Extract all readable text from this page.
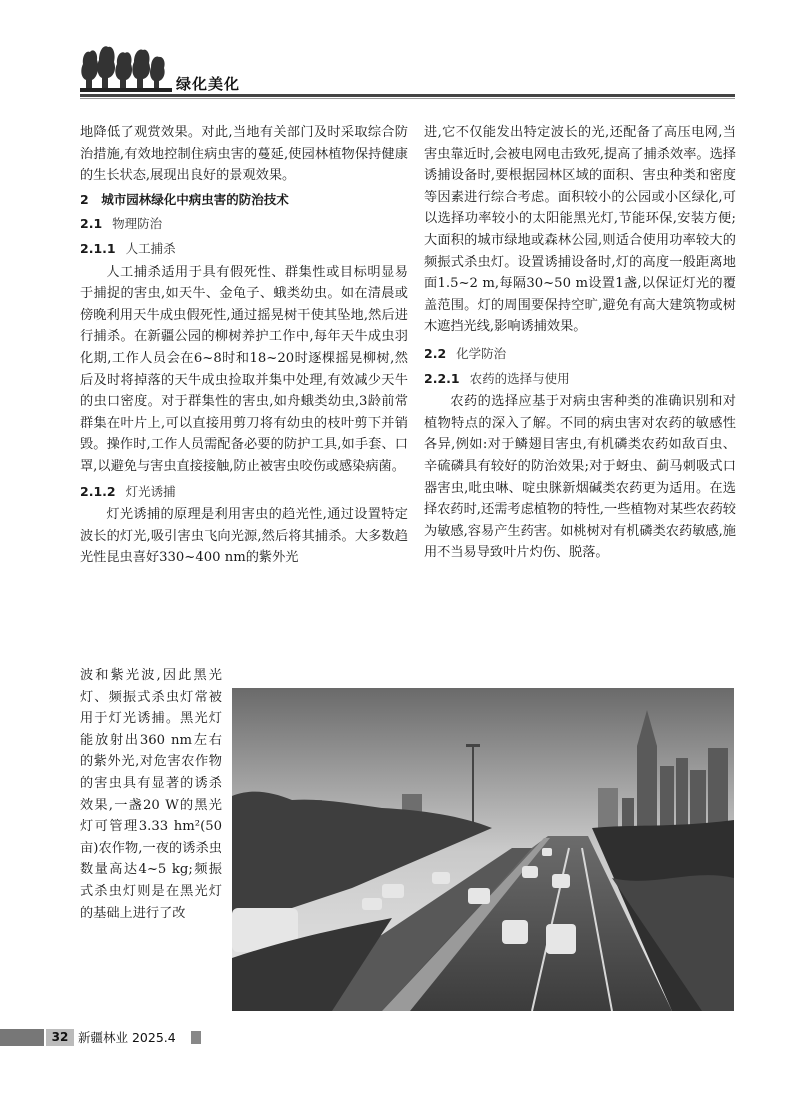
绿化美化

地降低了观赏效果。对此,当地有关部门及时采取综合防治措施,有效地控制住病虫害的蔓延,使园林植物保持健康的生长状态,展现出良好的景观效果。

2　城市园林绿化中病虫害的防治技术

2.1 物理防治

2.1.1 人工捕杀

人工捕杀适用于具有假死性、群集性或目标明显易于捕捉的害虫,如天牛、金龟子、蛾类幼虫。如在清晨或傍晚利用天牛成虫假死性,通过摇晃树干使其坠地,然后进行捕杀。在新疆公园的柳树养护工作中,每年天牛成虫羽化期,工作人员会在6~8时和18~20时逐棵摇晃柳树,然后及时将掉落的天牛成虫捡取并集中处理,有效减少天牛的虫口密度。对于群集性的害虫,如舟蛾类幼虫,3龄前常群集在叶片上,可以直接用剪刀将有幼虫的枝叶剪下并销毁。操作时,工作人员需配备必要的防护工具,如手套、口罩,以避免与害虫直接接触,防止被害虫咬伤或感染病菌。

2.1.2 灯光诱捕

灯光诱捕的原理是利用害虫的趋光性,通过设置特定波长的灯光,吸引害虫飞向光源,然后将其捕杀。大多数趋光性昆虫喜好330~400 nm的紫外光

波和紫光波,因此黑光灯、频振式杀虫灯常被用于灯光诱捕。黑光灯能放射出360 nm左右的紫外光,对危害农作物的害虫具有显著的诱杀效果,一盏20 W的黑光灯可管理3.33 hm²(50亩)农作物,一夜的诱杀虫数量高达4~5 kg;频振式杀虫灯则是在黑光灯的基础上进行了改

进,它不仅能发出特定波长的光,还配备了高压电网,当害虫靠近时,会被电网电击致死,提高了捕杀效率。选择诱捕设备时,要根据园林区域的面积、害虫种类和密度等因素进行综合考虑。面积较小的公园或小区绿化,可以选择功率较小的太阳能黑光灯,节能环保,安装方便;大面积的城市绿地或森林公园,则适合使用功率较大的频振式杀虫灯。设置诱捕设备时,灯的高度一般距离地面1.5~2 m,每隔30~50 m设置1盏,以保证灯光的覆盖范围。灯的周围要保持空旷,避免有高大建筑物或树木遮挡光线,影响诱捕效果。

2.2 化学防治

2.2.1 农药的选择与使用

农药的选择应基于对病虫害种类的准确识别和对植物特点的深入了解。不同的病虫害对农药的敏感性各异,例如:对于鳞翅目害虫,有机磷类农药如敌百虫、辛硫磷具有较好的防治效果;对于蚜虫、蓟马刺吸式口器害虫,吡虫啉、啶虫脒新烟碱类农药更为适用。在选择农药时,还需考虑植物的特性,一些植物对某些农药较为敏感,容易产生药害。如桃树对有机磷类农药敏感,施用不当易导致叶片灼伤、脱落。

32 新疆林业 2025.4
